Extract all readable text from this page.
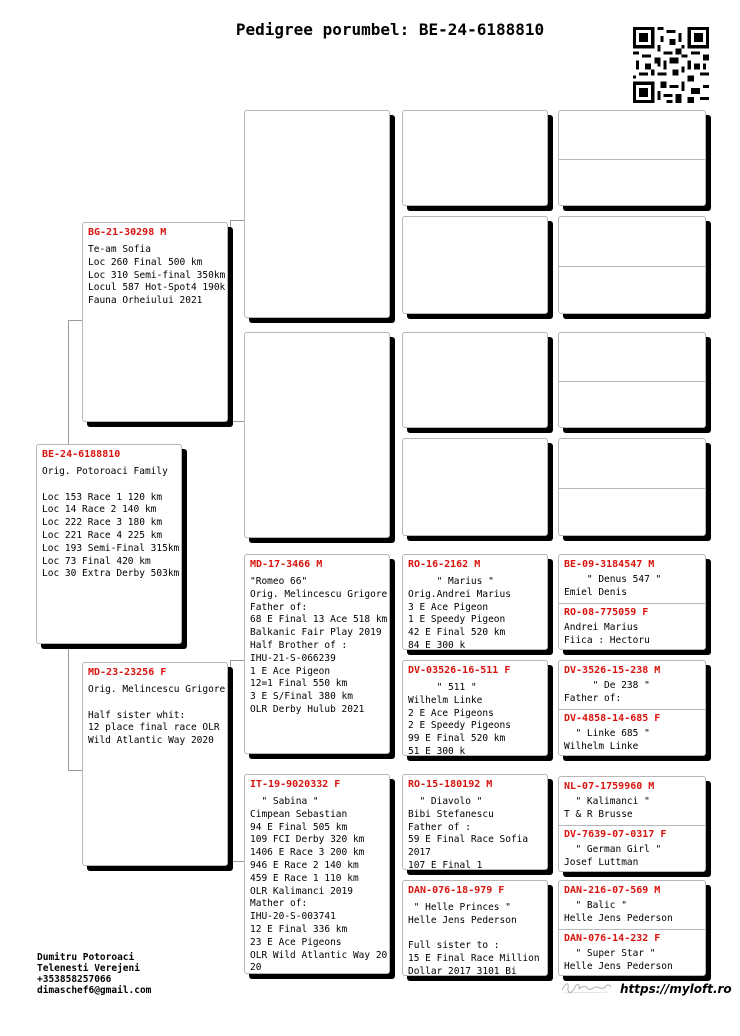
Pedigree porumbel: BE-24-6188810
BE-24-6188810
Orig. Potoroaci Family

Loc 153 Race 1 120 km
Loc 14 Race 2 140 km
Loc 222 Race 3 180 km
Loc 221 Race 4 225 km
Loc 193 Semi-Final 315km
Loc 73 Final 420 km
Loc 30 Extra Derby 503km
BG-21-30298 M
Te-am Sofia
Loc 260 Final 500 km
Loc 310 Semi-final 350km
Locul 587 Hot-Spot4 190k
Fauna Orheiului 2021
MD-23-23256 F
Orig. Melincescu Grigore

Half sister whit:
12 place final race OLR
Wild Atlantic Way 2020
MD-17-3466 M
"Romeo 66"
Orig. Melincescu Grigore
Father of:
68 E Final 13 Ace 518 km
Balkanic Fair Play 2019
Half Brother of :
IHU-21-S-066239
1 E Ace Pigeon
12=1 Final 550 km
3 E S/Final 380 km
OLR Derby Hulub 2021
IT-19-9020332 F
" Sabina "
Cimpean Sebastian
94 E Final 505 km
109 FCI Derby 320 km
1406 E Race 3 200 km
946 E Race 2 140 km
459 E Race 1 110 km
OLR Kalimanci 2019
Mather of:
IHU-20-S-003741
12 E Final 336 km
23 E Ace Pigeons
OLR Wild Atlantic Way 20
20
RO-16-2162 M
" Marius "
Orig.Andrei Marius
3 E Ace Pigeon
1 E Speedy Pigeon
42 E Final 520 km
84 E 300 k
DV-03526-16-511 F
" 511 "
Wilhelm Linke
2 E Ace Pigeons
2 E Speedy Pigeons
99 E Final 520 km
51 E 300 k
RO-15-180192 M
" Diavolo "
Bibi Stefanescu
Father of :
59 E Final Race Sofia
2017
107 E Final 1
DAN-076-18-979 F
" Helle Princes "
Helle Jens Pederson

Full sister to :
15 E Final Race Million
Dollar 2017 3101 Bi
BE-09-3184547 M
" Denus 547 "
Emiel Denis
RO-08-775059 F
Andrei Marius
Fiica : Hectoru
DV-3526-15-238 M
" De 238 "
Father of:
DV-4858-14-685 F
" Linke 685 "
Wilhelm Linke
NL-07-1759960 M
" Kalimanci "
T & R Brusse
DV-7639-07-0317 F
" German Girl "
Josef Luttman
DAN-216-07-569 M
" Balic "
Helle Jens Pederson
DAN-076-14-232 F
" Super Star "
Helle Jens Pederson
Dumitru Potoroaci
Telenesti Verejeni
+353858257066
dimaschef6@gmail.com	https://myloft.ro
